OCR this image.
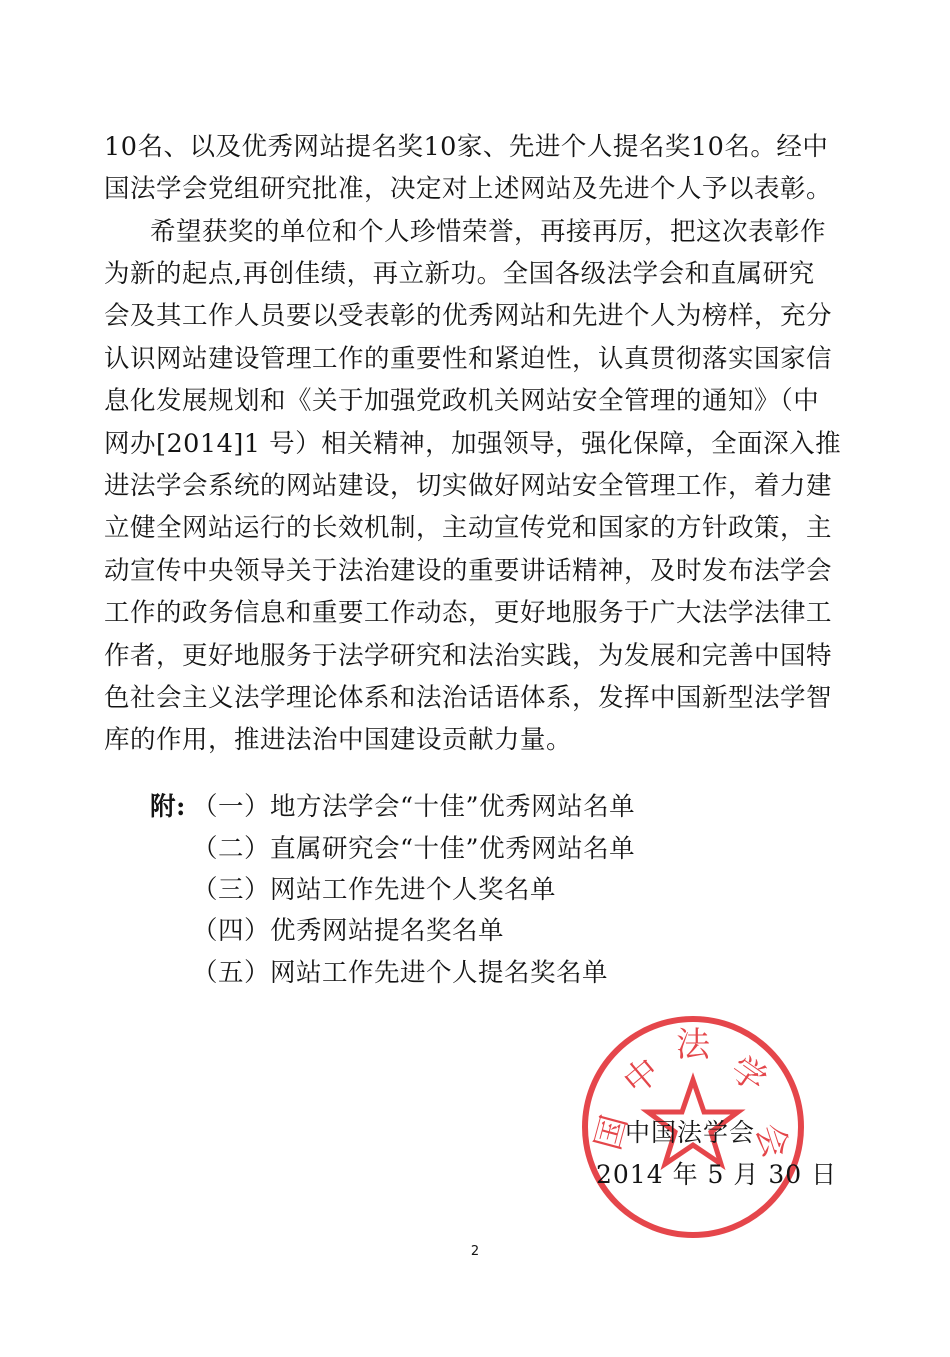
10名、以及优秀网站提名奖10家、先进个人提名奖10名。经中
国法学会党组研究批准，决定对上述网站及先进个人予以表彰。
希望获奖的单位和个人珍惜荣誉，再接再厉，把这次表彰作
为新的起点,再创佳绩，再立新功。全国各级法学会和直属研究
会及其工作人员要以受表彰的优秀网站和先进个人为榜样，充分
认识网站建设管理工作的重要性和紧迫性，认真贯彻落实国家信
息化发展规划和《关于加强党政机关网站安全管理的通知》（中
网办[2014]1 号）相关精神，加强领导，强化保障，全面深入推
进法学会系统的网站建设，切实做好网站安全管理工作，着力建
立健全网站运行的长效机制，主动宣传党和国家的方针政策，主
动宣传中央领导关于法治建设的重要讲话精神，及时发布法学会
工作的政务信息和重要工作动态，更好地服务于广大法学法律工
作者，更好地服务于法学研究和法治实践，为发展和完善中国特
色社会主义法学理论体系和法治话语体系，发挥中国新型法学智
库的作用，推进法治中国建设贡献力量。
附: （一）地方法学会“十佳”优秀网站名单
（二）直属研究会“十佳”优秀网站名单
（三）网站工作先进个人奖名单
（四）优秀网站提名奖名单
（五）网站工作先进个人提名奖名单
中
国
法
学
会
中国法学会
2014 年 5 月 30 日
2
